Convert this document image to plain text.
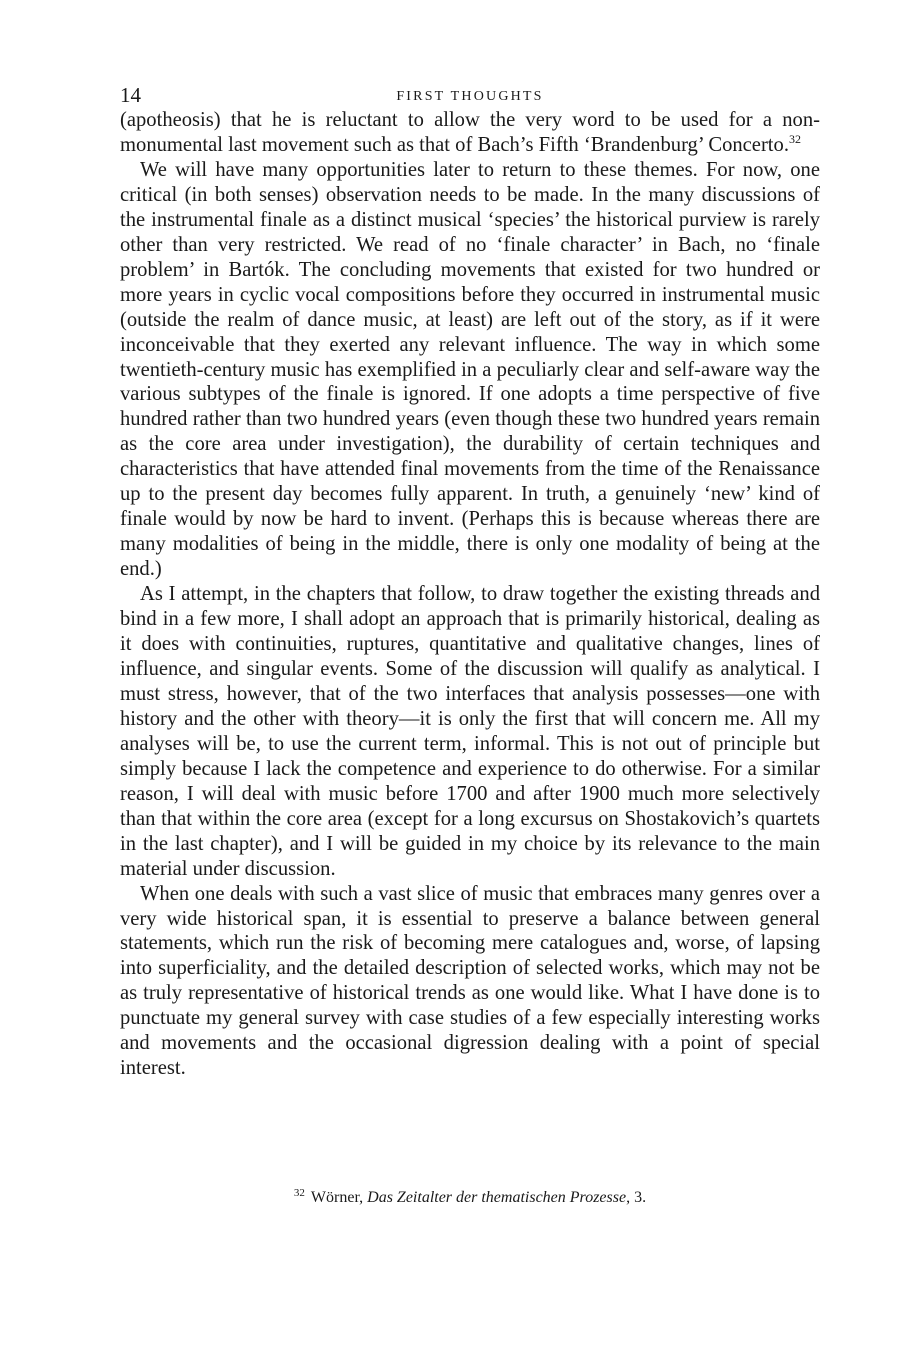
14	FIRST THOUGHTS

(apotheosis) that he is reluctant to allow the very word to be used for a nonmonumental last movement such as that of Bach’s Fifth ‘Brandenburg’ Concerto.$^{32}$

We will have many opportunities later to return to these themes. For now, one critical (in both senses) observation needs to be made. In the many discussions of the instrumental finale as a distinct musical ‘species’ the historical purview is rarely other than very restricted. We read of no ‘finale character’ in Bach, no ‘finale problem’ in Bartók. The concluding movements that existed for two hundred or more years in cyclic vocal compositions before they occurred in instrumental music (outside the realm of dance music, at least) are left out of the story, as if it were inconceivable that they exerted any relevant influence. The way in which some twentieth-​century music has exemplified in a peculiarly clear and self-aware way the various subtypes of the finale is ignored. If one adopts a time perspective of five hundred rather than two hundred years (even though these two hundred years remain as the core area under investigation), the durability of certain techniques and characteristics that have attended final movements from the time of the Renaissance up to the present day becomes fully apparent. In truth, a genuinely ‘new’ kind of finale would by now be hard to invent. (Perhaps this is because whereas there are many modalities of being in the middle, there is only one modality of being at the end.)

As I attempt, in the chapters that follow, to draw together the existing threads and bind in a few more, I shall adopt an approach that is primarily historical, dealing as it does with continuities, ruptures, quantitative and qualitative changes, lines of influence, and singular events. Some of the discussion will qualify as analytical. I must stress, however, that of the two interfaces that analysis possesses—one with history and the other with theory—it is only the first that will concern me. All my analyses will be, to use the current term, informal. This is not out of principle but simply because I lack the competence and experience to do otherwise. For a similar reason, I will deal with music before 1700 and after 1900 much more selectively than that within the core area (except for a long excursus on Shostakovich’s quartets in the last chapter), and I will be guided in my choice by its relevance to the main material under discussion.

When one deals with such a vast slice of music that embraces many genres over a very wide historical span, it is essential to preserve a balance between general statements, which run the risk of becoming mere catalogues and, worse, of lapsing into superficiality, and the detailed description of selected works, which may not be as truly representative of historical trends as one would like. What I have done is to punctuate my general survey with case studies of a few especially interesting works and movements and the occasional digression dealing with a point of special interest.

$^{32}$ Wörner, Das Zeitalter der thematischen Prozesse, 3.
